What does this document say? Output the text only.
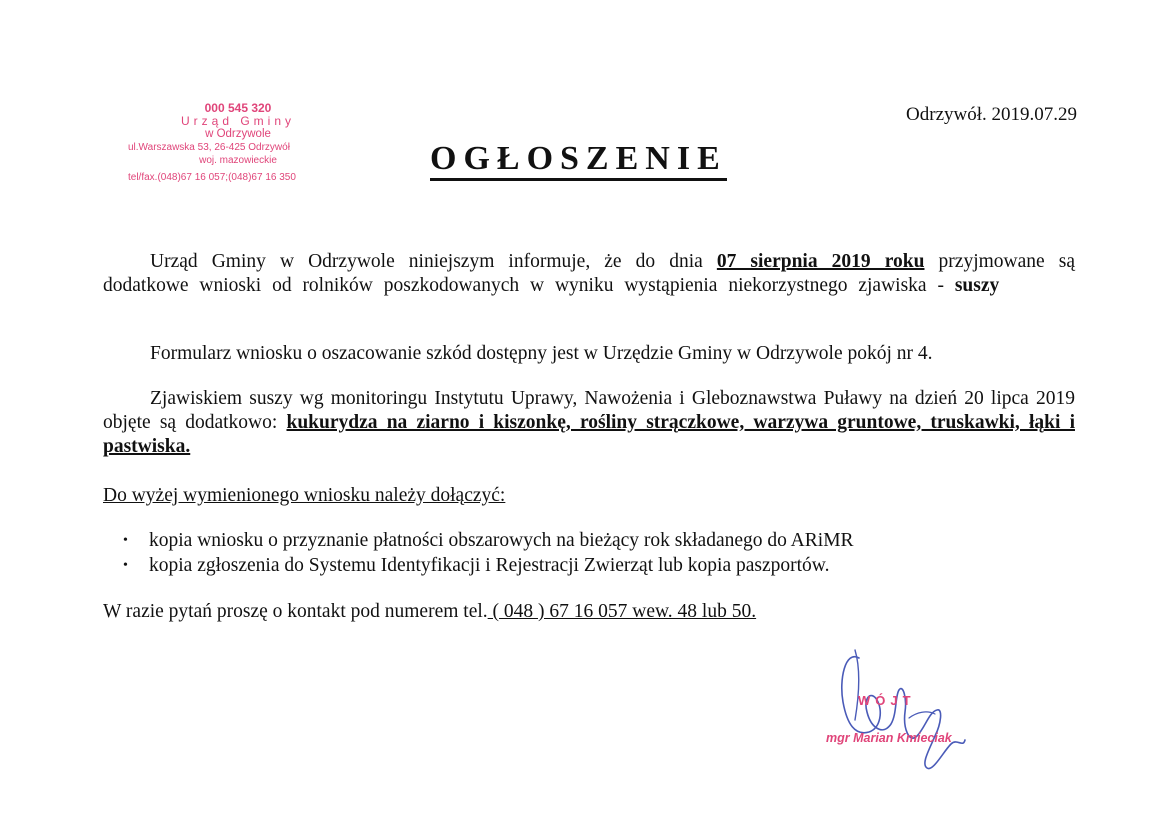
000 545 320
Urząd Gminy
w Odrzywole
ul.Warszawska 53, 26-425 Odrzywół
woj. mazowieckie
tel/fax.(048)67 16 057;(048)67 16 350
Odrzywół. 2019.07.29
OGŁOSZENIE
Urząd Gminy w Odrzywole niniejszym informuje, że do dnia 07 sierpnia 2019 roku przyjmowane są dodatkowe wnioski od rolników poszkodowanych w wyniku wystąpienia niekorzystnego zjawiska - suszy
Formularz wniosku o oszacowanie szkód dostępny jest w Urzędzie Gminy w Odrzywole pokój nr 4.
Zjawiskiem suszy wg monitoringu Instytutu Uprawy, Nawożenia i Gleboznawstwa Puławy na dzień 20 lipca 2019 objęte są dodatkowo: kukurydza na ziarno i kiszonkę, rośliny strączkowe, warzywa gruntowe, truskawki, łąki i pastwiska.
Do wyżej wymienionego wniosku należy dołączyć:
• kopia wniosku o przyznanie płatności obszarowych na bieżący rok składanego do ARiMR
• kopia zgłoszenia do Systemu Identyfikacji i Rejestracji Zwierząt lub kopia paszportów.
W razie pytań proszę o kontakt pod numerem tel. ( 048 ) 67 16 057 wew. 48 lub 50.
WÓJT
mgr Marian Kmieciak
